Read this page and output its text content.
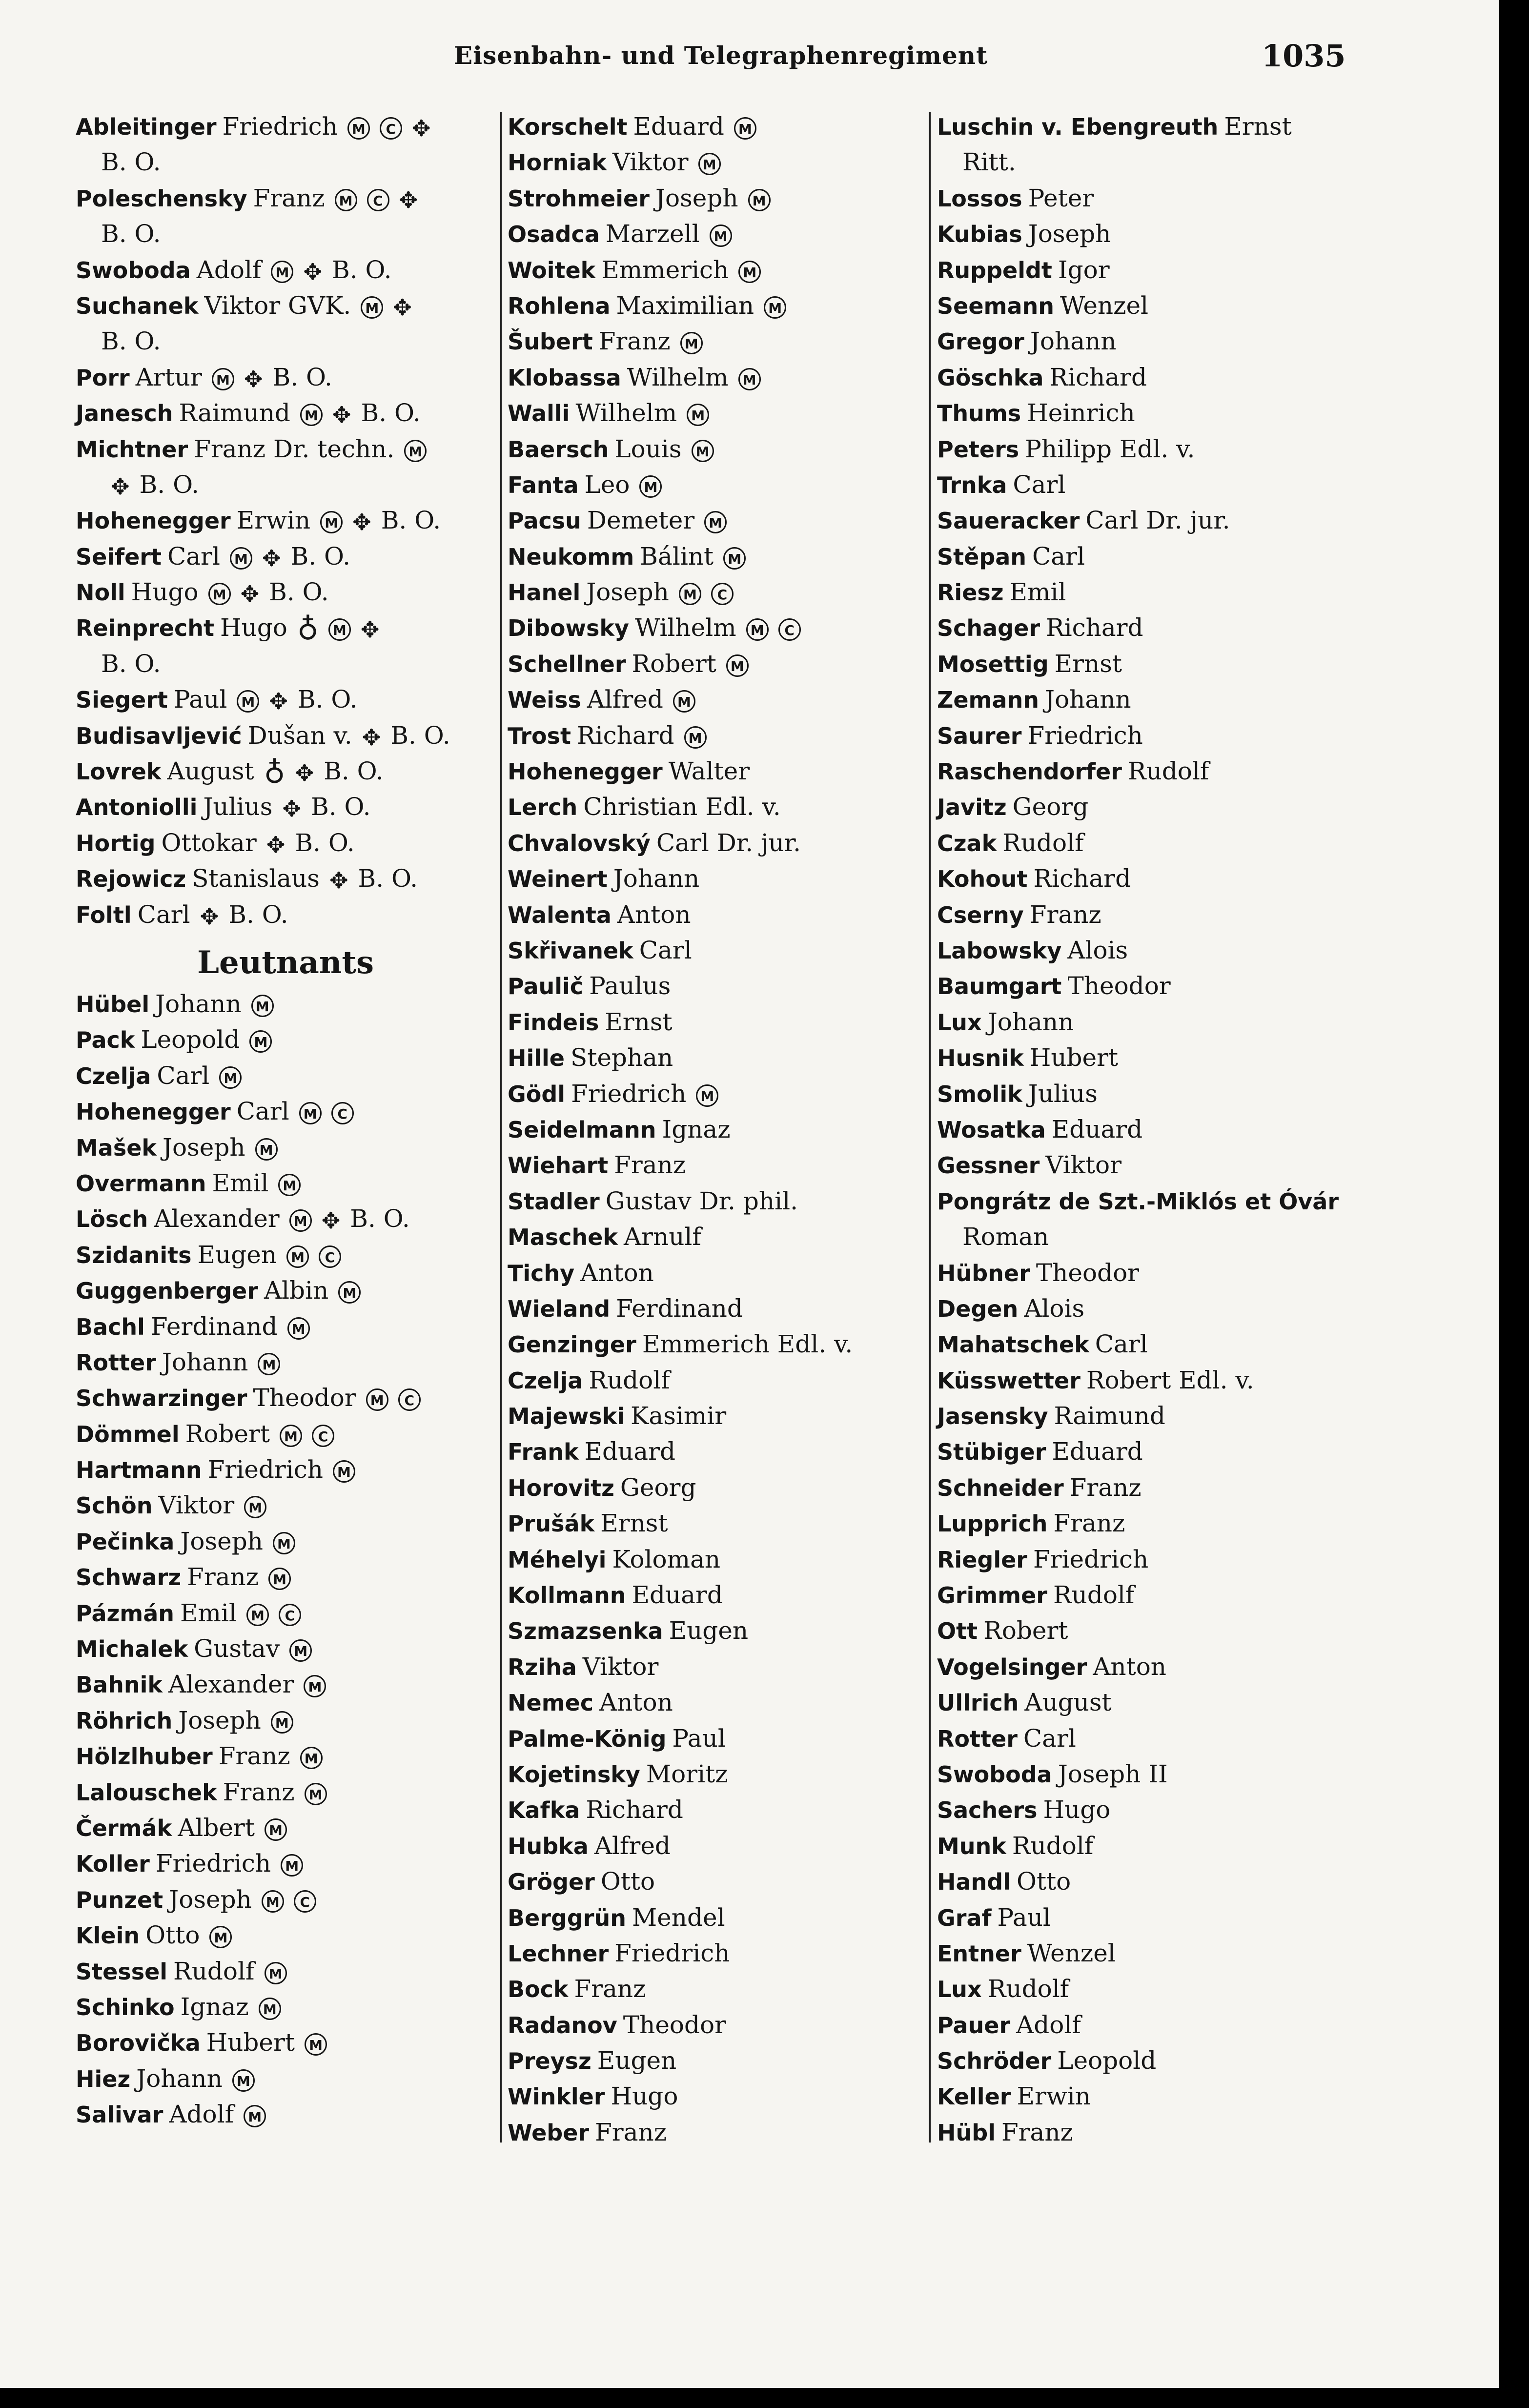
Eisenbahn- und Telegraphenregiment	1035
Ableitinger Friedrich M C ✥
B. O.
Poleschensky Franz M C ✥
B. O.
Swoboda Adolf M ✥ B. O.
Suchanek Viktor GVK. M ✥
B. O.
Porr Artur M ✥ B. O.
Janesch Raimund M ✥ B. O.
Michtner Franz Dr. techn. M
✥ B. O.
Hohenegger Erwin M ✥ B. O.
Seifert Carl M ✥ B. O.
Noll Hugo M ✥ B. O.
Reinprecht Hugo ♁ M ✥
B. O.
Siegert Paul M ✥ B. O.
Budisavljević Dušan v. ✥ B. O.
Lovrek August ♁ ✥ B. O.
Antoniolli Julius ✥ B. O.
Hortig Ottokar ✥ B. O.
Rejowicz Stanislaus ✥ B. O.
Foltl Carl ✥ B. O.
Leutnants
Hübel Johann M
Pack Leopold M
Czelja Carl M
Hohenegger Carl M C
Mašek Joseph M
Overmann Emil M
Lösch Alexander M ✥ B. O.
Szidanits Eugen M C
Guggenberger Albin M
Bachl Ferdinand M
Rotter Johann M
Schwarzinger Theodor M C
Dömmel Robert M C
Hartmann Friedrich M
Schön Viktor M
Pečinka Joseph M
Schwarz Franz M
Pázmán Emil M C
Michalek Gustav M
Bahnik Alexander M
Röhrich Joseph M
Hölzlhuber Franz M
Lalouschek Franz M
Čermák Albert M
Koller Friedrich M
Punzet Joseph M C
Klein Otto M
Stessel Rudolf M
Schinko Ignaz M
Borovička Hubert M
Hiez Johann M
Salivar Adolf M
Korschelt Eduard M
Horniak Viktor M
Strohmeier Joseph M
Osadca Marzell M
Woitek Emmerich M
Rohlena Maximilian M
Šubert Franz M
Klobassa Wilhelm M
Walli Wilhelm M
Baersch Louis M
Fanta Leo M
Pacsu Demeter M
Neukomm Bálint M
Hanel Joseph M C
Dibowsky Wilhelm M C
Schellner Robert M
Weiss Alfred M
Trost Richard M
Hohenegger Walter
Lerch Christian Edl. v.
Chvalovský Carl Dr. jur.
Weinert Johann
Walenta Anton
Skřivanek Carl
Paulič Paulus
Findeis Ernst
Hille Stephan
Gödl Friedrich M
Seidelmann Ignaz
Wiehart Franz
Stadler Gustav Dr. phil.
Maschek Arnulf
Tichy Anton
Wieland Ferdinand
Genzinger Emmerich Edl. v.
Czelja Rudolf
Majewski Kasimir
Frank Eduard
Horovitz Georg
Prušák Ernst
Méhelyi Koloman
Kollmann Eduard
Szmazsenka Eugen
Rziha Viktor
Nemec Anton
Palme-König Paul
Kojetinsky Moritz
Kafka Richard
Hubka Alfred
Gröger Otto
Berggrün Mendel
Lechner Friedrich
Bock Franz
Radanov Theodor
Preysz Eugen
Winkler Hugo
Weber Franz
Luschin v. Ebengreuth Ernst
Ritt.
Lossos Peter
Kubias Joseph
Ruppeldt Igor
Seemann Wenzel
Gregor Johann
Göschka Richard
Thums Heinrich
Peters Philipp Edl. v.
Trnka Carl
Saueracker Carl Dr. jur.
Stěpan Carl
Riesz Emil
Schager Richard
Mosettig Ernst
Zemann Johann
Saurer Friedrich
Raschendorfer Rudolf
Javitz Georg
Czak Rudolf
Kohout Richard
Cserny Franz
Labowsky Alois
Baumgart Theodor
Lux Johann
Husnik Hubert
Smolik Julius
Wosatka Eduard
Gessner Viktor
Pongrátz de Szt.-Miklós et Óvár
Roman
Hübner Theodor
Degen Alois
Mahatschek Carl
Küsswetter Robert Edl. v.
Jasensky Raimund
Stübiger Eduard
Schneider Franz
Lupprich Franz
Riegler Friedrich
Grimmer Rudolf
Ott Robert
Vogelsinger Anton
Ullrich August
Rotter Carl
Swoboda Joseph II
Sachers Hugo
Munk Rudolf
Handl Otto
Graf Paul
Entner Wenzel
Lux Rudolf
Pauer Adolf
Schröder Leopold
Keller Erwin
Hübl Franz
